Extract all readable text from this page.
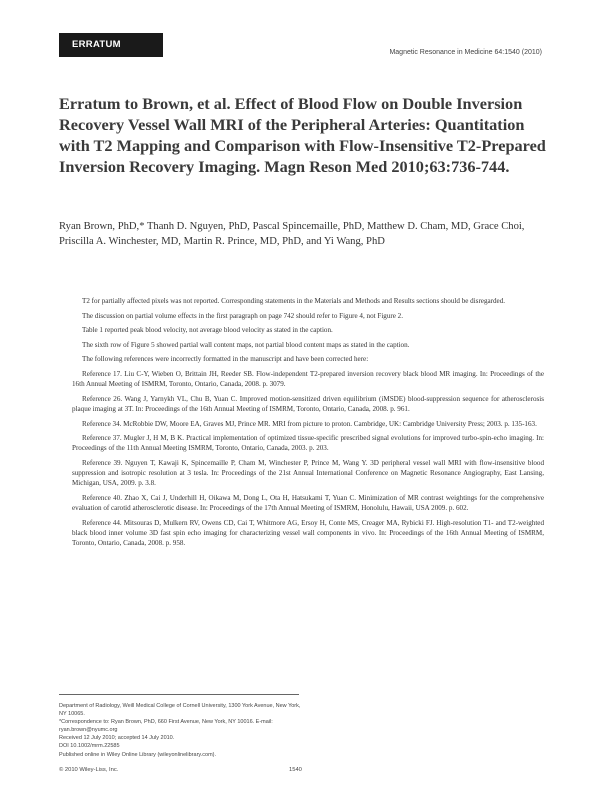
ERRATUM
Magnetic Resonance in Medicine 64:1540 (2010)
Erratum to Brown, et al. Effect of Blood Flow on Double Inversion Recovery Vessel Wall MRI of the Peripheral Arteries: Quantitation with T2 Mapping and Comparison with Flow-Insensitive T2-Prepared Inversion Recovery Imaging. Magn Reson Med 2010;63:736-744.
Ryan Brown, PhD,* Thanh D. Nguyen, PhD, Pascal Spincemaille, PhD, Matthew D. Cham, MD, Grace Choi, Priscilla A. Winchester, MD, Martin R. Prince, MD, PhD, and Yi Wang, PhD

T2 for partially affected pixels was not reported. Corresponding statements in the Materials and Methods and Results sections should be disregarded.

The discussion on partial volume effects in the first paragraph on page 742 should refer to Figure 4, not Figure 2.

Table 1 reported peak blood velocity, not average blood velocity as stated in the caption.

The sixth row of Figure 5 showed partial wall content maps, not partial blood content maps as stated in the caption.

The following references were incorrectly formatted in the manuscript and have been corrected here:

Reference 17. Liu C-Y, Wieben O, Brittain JH, Reeder SB. Flow-independent T2-prepared inversion recovery black blood MR imaging. In: Proceedings of the 16th Annual Meeting of ISMRM, Toronto, Ontario, Canada, 2008. p. 3079.

Reference 26. Wang J, Yarnykh VL, Chu B, Yuan C. Improved motion-sensitized driven equilibrium (iMSDE) blood-suppression sequence for atherosclerosis plaque imaging at 3T. In: Proceedings of the 16th Annual Meeting of ISMRM, Toronto, Ontario, Canada, 2008. p. 961.

Reference 34. McRobbie DW, Moore EA, Graves MJ, Prince MR. MRI from picture to proton. Cambridge, UK: Cambridge University Press; 2003. p. 135-163.

Reference 37. Mugler J, H M, B K. Practical implementation of optimized tissue-specific prescribed signal evolutions for improved turbo-spin-echo imaging. In: Proceedings of the 11th Annual Meeting ISMRM, Toronto, Ontario, Canada, 2003. p. 203.

Reference 39. Nguyen T, Kawaji K, Spincemaille P, Cham M, Winchester P, Prince M, Wang Y. 3D peripheral vessel wall MRI with flow-insensitive blood suppression and isotropic resolution at 3 tesla. In: Proceedings of the 21st Annual International Conference on Magnetic Resonance Angiography, East Lansing, Michigan, USA, 2009. p. 3.8.

Reference 40. Zhao X, Cai J, Underhill H, Oikawa M, Dong L, Ota H, Hatsukami T, Yuan C. Minimization of MR contrast weightings for the comprehensive evaluation of carotid atherosclerotic disease. In: Proceedings of the 17th Annual Meeting of ISMRM, Honolulu, Hawaii, USA 2009. p. 602.

Reference 44. Mitsouras D, Mulkern RV, Owens CD, Cai T, Whitmore AG, Ersoy H, Conte MS, Creager MA, Rybicki FJ. High-resolution T1- and T2-weighted black blood inner volume 3D fast spin echo imaging for characterizing vessel wall components in vivo. In: Proceedings of the 16th Annual Meeting of ISMRM, Toronto, Ontario, Canada, 2008. p. 958.

Department of Radiology, Weill Medical College of Cornell University, 1300 York Avenue, New York, NY 10065.
*Correspondence to: Ryan Brown, PhD, 660 First Avenue, New York, NY 10016. E-mail: ryan.brown@nyumc.org
Received 12 July 2010; accepted 14 July 2010.
DOI 10.1002/mrm.22585
Published online in Wiley Online Library (wileyonlinelibrary.com).
© 2010 Wiley-Liss, Inc.	1540
